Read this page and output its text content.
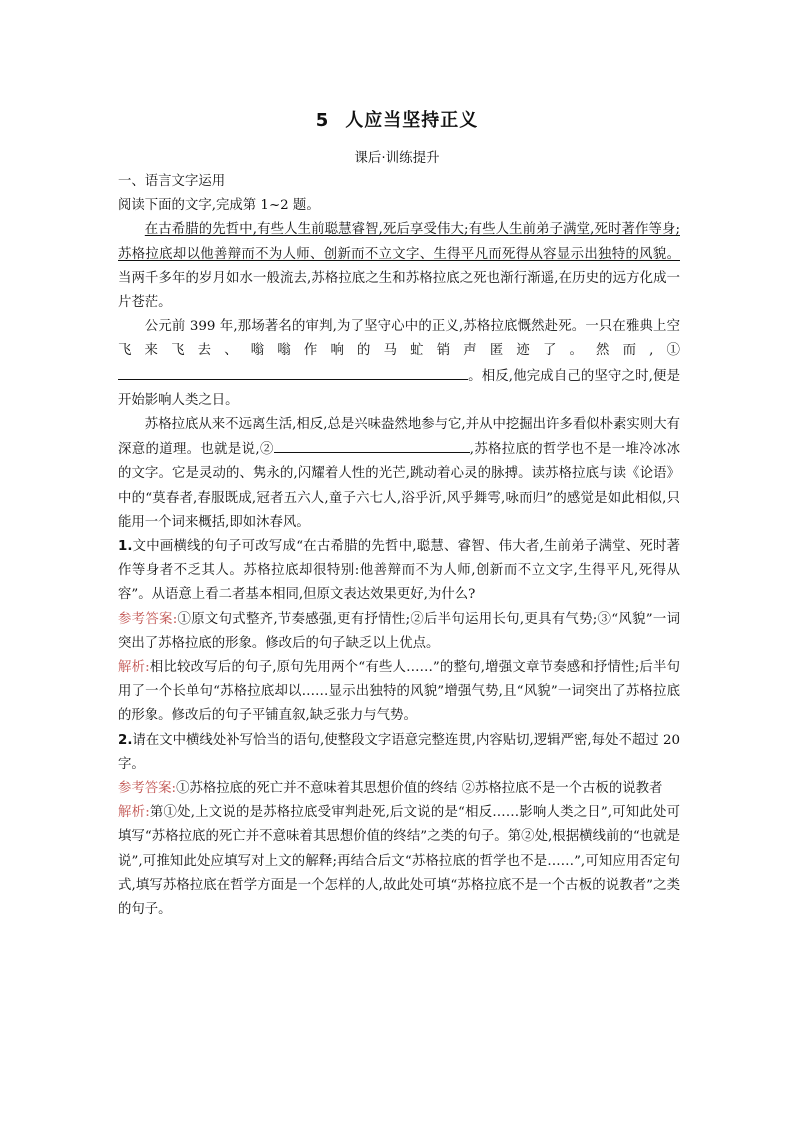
5 人应当坚持正义
课后·训练提升

一、语言文字运用

阅读下面的文字,完成第 1~2 题。

在古希腊的先哲中,有些人生前聪慧睿智,死后享受伟大;有些人生前弟子满堂,死时著作等身;苏格拉底却以他善辩而不为人师、创新而不立文字、生得平凡而死得从容显示出独特的风貌。当两千多年的岁月如水一般流去,苏格拉底之生和苏格拉底之死也渐行渐遥,在历史的远方化成一片苍茫。

公元前 399 年,那场著名的审判,为了坚守心中的正义,苏格拉底慨然赴死。一只在雅典上空飞来飞去、嗡嗡作响的马虻销声匿迹了。然而,①。相反,他完成自己的坚守之时,便是开始影响人类之日。

苏格拉底从来不远离生活,相反,总是兴味盎然地参与它,并从中挖掘出许多看似朴素实则大有深意的道理。也就是说,②	,苏格拉底的哲学也不是一堆冷冰冰的文字。它是灵动的、隽永的,闪耀着人性的光芒,跳动着心灵的脉搏。读苏格拉底与读《论语》中的“莫春者,春服既成,冠者五六人,童子六七人,浴乎沂,风乎舞雩,咏而归”的感觉是如此相似,只能用一个词来概括,即如沐春风。

1.文中画横线的句子可改写成“在古希腊的先哲中,聪慧、睿智、伟大者,生前弟子满堂、死时著作等身者不乏其人。苏格拉底却很特别:他善辩而不为人师,创新而不立文字,生得平凡,死得从容”。从语意上看二者基本相同,但原文表达效果更好,为什么?

参考答案:①原文句式整齐,节奏感强,更有抒情性;②后半句运用长句,更具有气势;③“风貌”一词突出了苏格拉底的形象。修改后的句子缺乏以上优点。

解析:相比较改写后的句子,原句先用两个“有些人……”的整句,增强文章节奏感和抒情性;后半句用了一个长单句“苏格拉底却以……显示出独特的风貌”增强气势,且“风貌”一词突出了苏格拉底的形象。修改后的句子平铺直叙,缺乏张力与气势。

2.请在文中横线处补写恰当的语句,使整段文字语意完整连贯,内容贴切,逻辑严密,每处不超过 20 字。

参考答案:①苏格拉底的死亡并不意味着其思想价值的终结 ②苏格拉底不是一个古板的说教者

解析:第①处,上文说的是苏格拉底受审判赴死,后文说的是“相反……影响人类之日”,可知此处可填写“苏格拉底的死亡并不意味着其思想价值的终结”之类的句子。第②处,根据横线前的“也就是说”,可推知此处应填写对上文的解释;再结合后文“苏格拉底的哲学也不是……”,可知应用否定句式,填写苏格拉底在哲学方面是一个怎样的人,故此处可填“苏格拉底不是一个古板的说教者”之类的句子。
